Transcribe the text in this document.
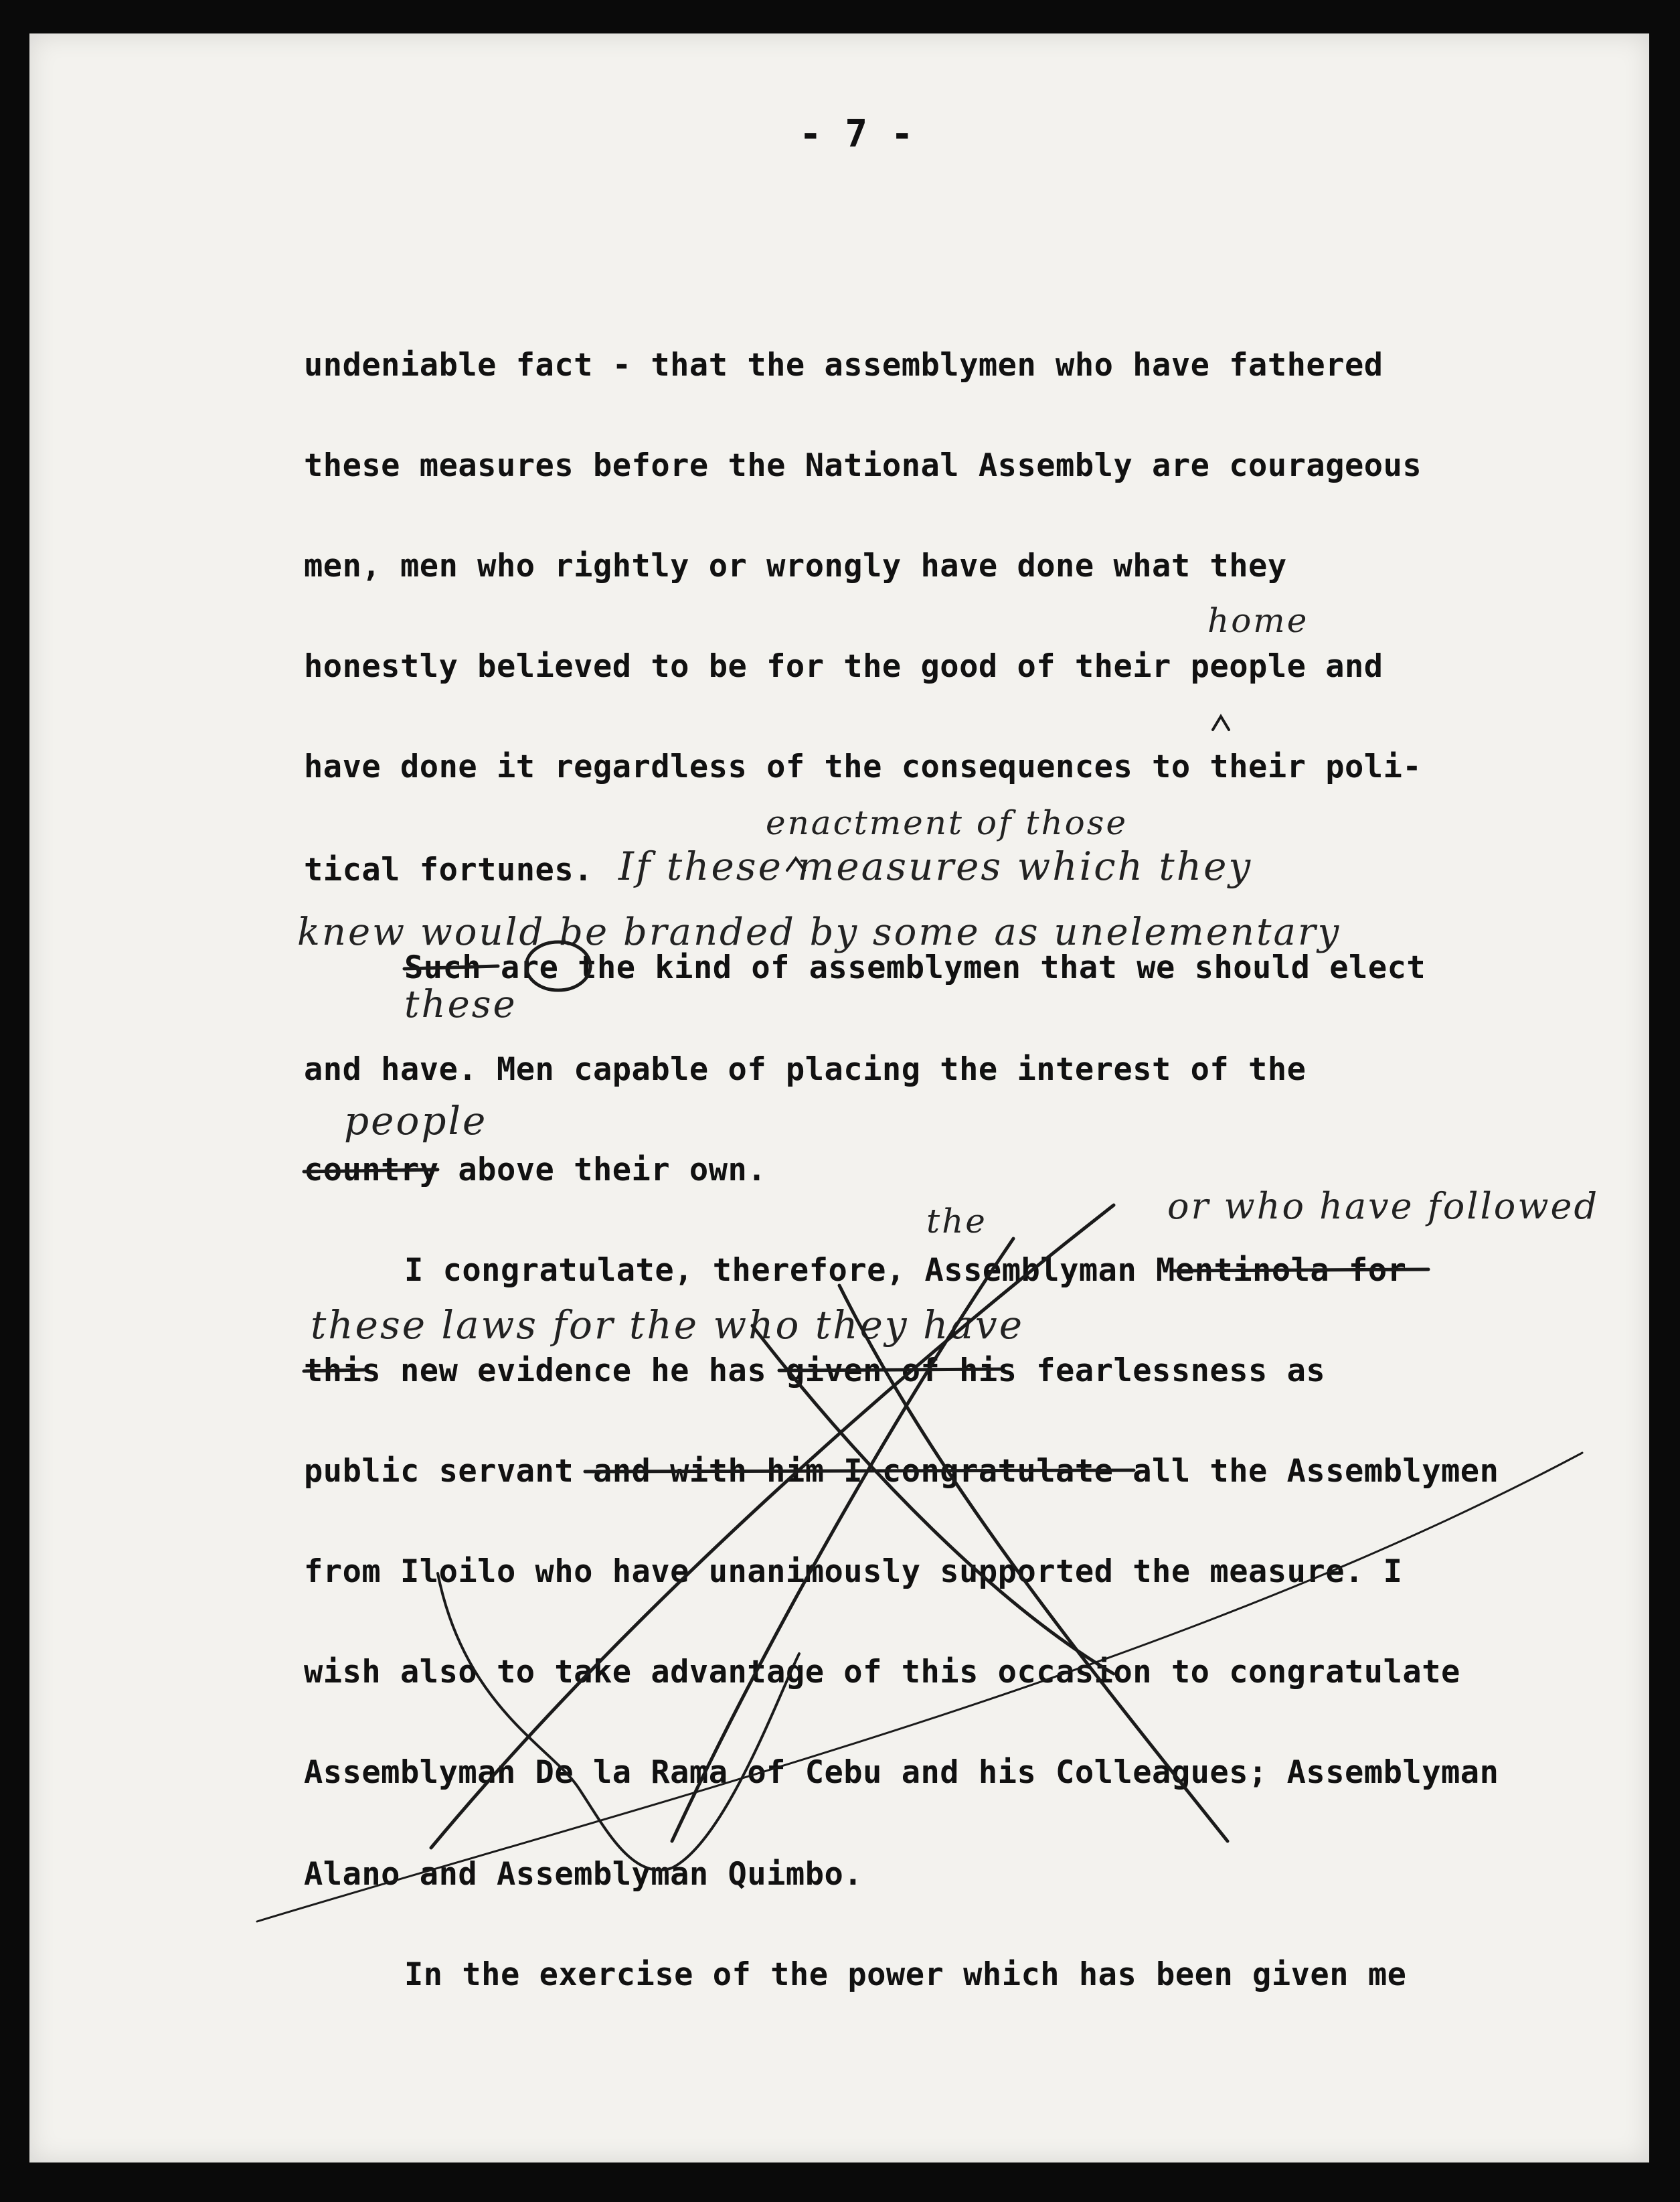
- 7 -
undeniable fact - that the assemblymen who have fathered
these measures before the National Assembly are courageous
men, men who rightly or wrongly have done what they
honestly believed to be for the good of their people and
have done it regardless of the consequences to their poli-
tical fortunes.
Such are the kind of assemblymen that we should elect
and have. Men capable of placing the interest of the
country above their own.
I congratulate, therefore, Assemblyman Mentinola for
this new evidence he has given of his fearlessness as
public servant and with him I congratulate all the Assemblymen
from Iloilo who have unanimously supported the measure. I
wish also to take advantage of this occasion to congratulate
Assemblyman De la Rama of Cebu and his Colleagues; Assemblyman
Alano and Assemblyman Quimbo.
In the exercise of the power which has been given me
home
enactment of those
If these measures which they
knew would be branded by some as unelementary
these
people
the	or who have followed
these laws for the who they have
